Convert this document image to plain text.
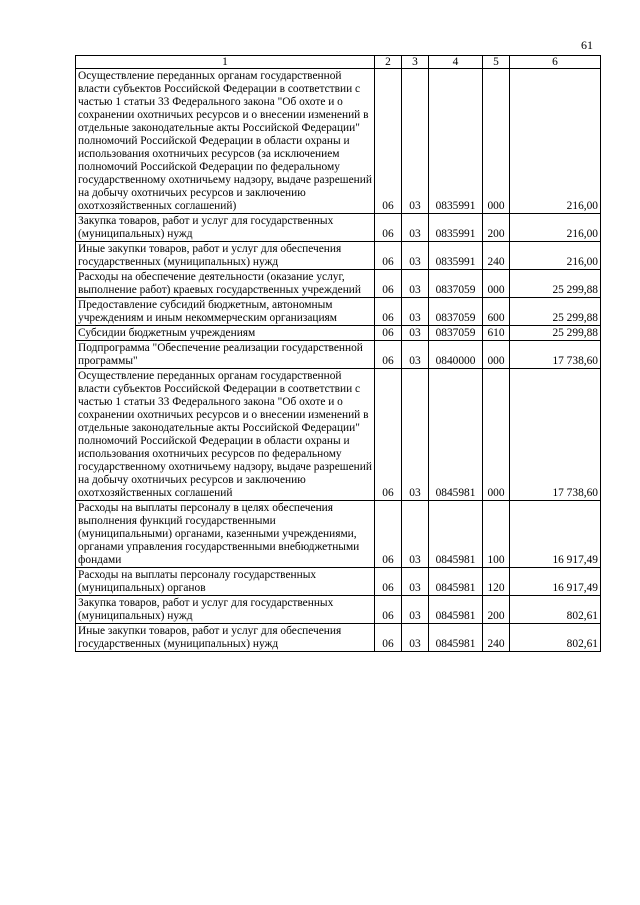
61
1	2	3	4	5	6
Осуществление переданных органам государственной власти субъектов Российской Федерации в соответствии с частью 1 статьи 33 Федерального закона "Об охоте и о сохранении охотничьих ресурсов и о внесении изменений в отдельные законодательные акты Российской Федерации" полномочий Российской Федерации в области охраны и использования охотничьих ресурсов (за исключением полномочий Российской Федерации по федеральному государственному охотничьему надзору, выдаче разрешений на добычу охотничьих ресурсов и заключению охотхозяйственных соглашений)	06	03	0835991	000	216,00
Закупка товаров, работ и услуг для государственных (муниципальных) нужд	06	03	0835991	200	216,00
Иные закупки товаров, работ и услуг для обеспечения государственных (муниципальных) нужд	06	03	0835991	240	216,00
Расходы на обеспечение деятельности (оказание услуг, выполнение работ) краевых государственных учреждений	06	03	0837059	000	25 299,88
Предоставление субсидий бюджетным, автономным учреждениям и иным некоммерческим организациям	06	03	0837059	600	25 299,88
Субсидии бюджетным учреждениям	06	03	0837059	610	25 299,88
Подпрограмма "Обеспечение реализации государственной программы"	06	03	0840000	000	17 738,60
Осуществление переданных органам государственной власти субъектов Российской Федерации в соответствии с частью 1 статьи 33 Федерального закона "Об охоте и о сохранении охотничьих ресурсов и о внесении изменений в отдельные законодательные акты Российской Федерации" полномочий Российской Федерации в области охраны и использования охотничьих ресурсов по федеральному государственному охотничьему надзору, выдаче разрешений на добычу охотничьих ресурсов и заключению охотхозяйственных соглашений	06	03	0845981	000	17 738,60
Расходы на выплаты персоналу в целях обеспечения выполнения функций государственными (муниципальными) органами, казенными учреждениями, органами управления государственными внебюджетными фондами	06	03	0845981	100	16 917,49
Расходы на выплаты персоналу государственных (муниципальных) органов	06	03	0845981	120	16 917,49
Закупка товаров, работ и услуг для государственных (муниципальных) нужд	06	03	0845981	200	802,61
Иные закупки товаров, работ и услуг для обеспечения государственных (муниципальных) нужд	06	03	0845981	240	802,61
